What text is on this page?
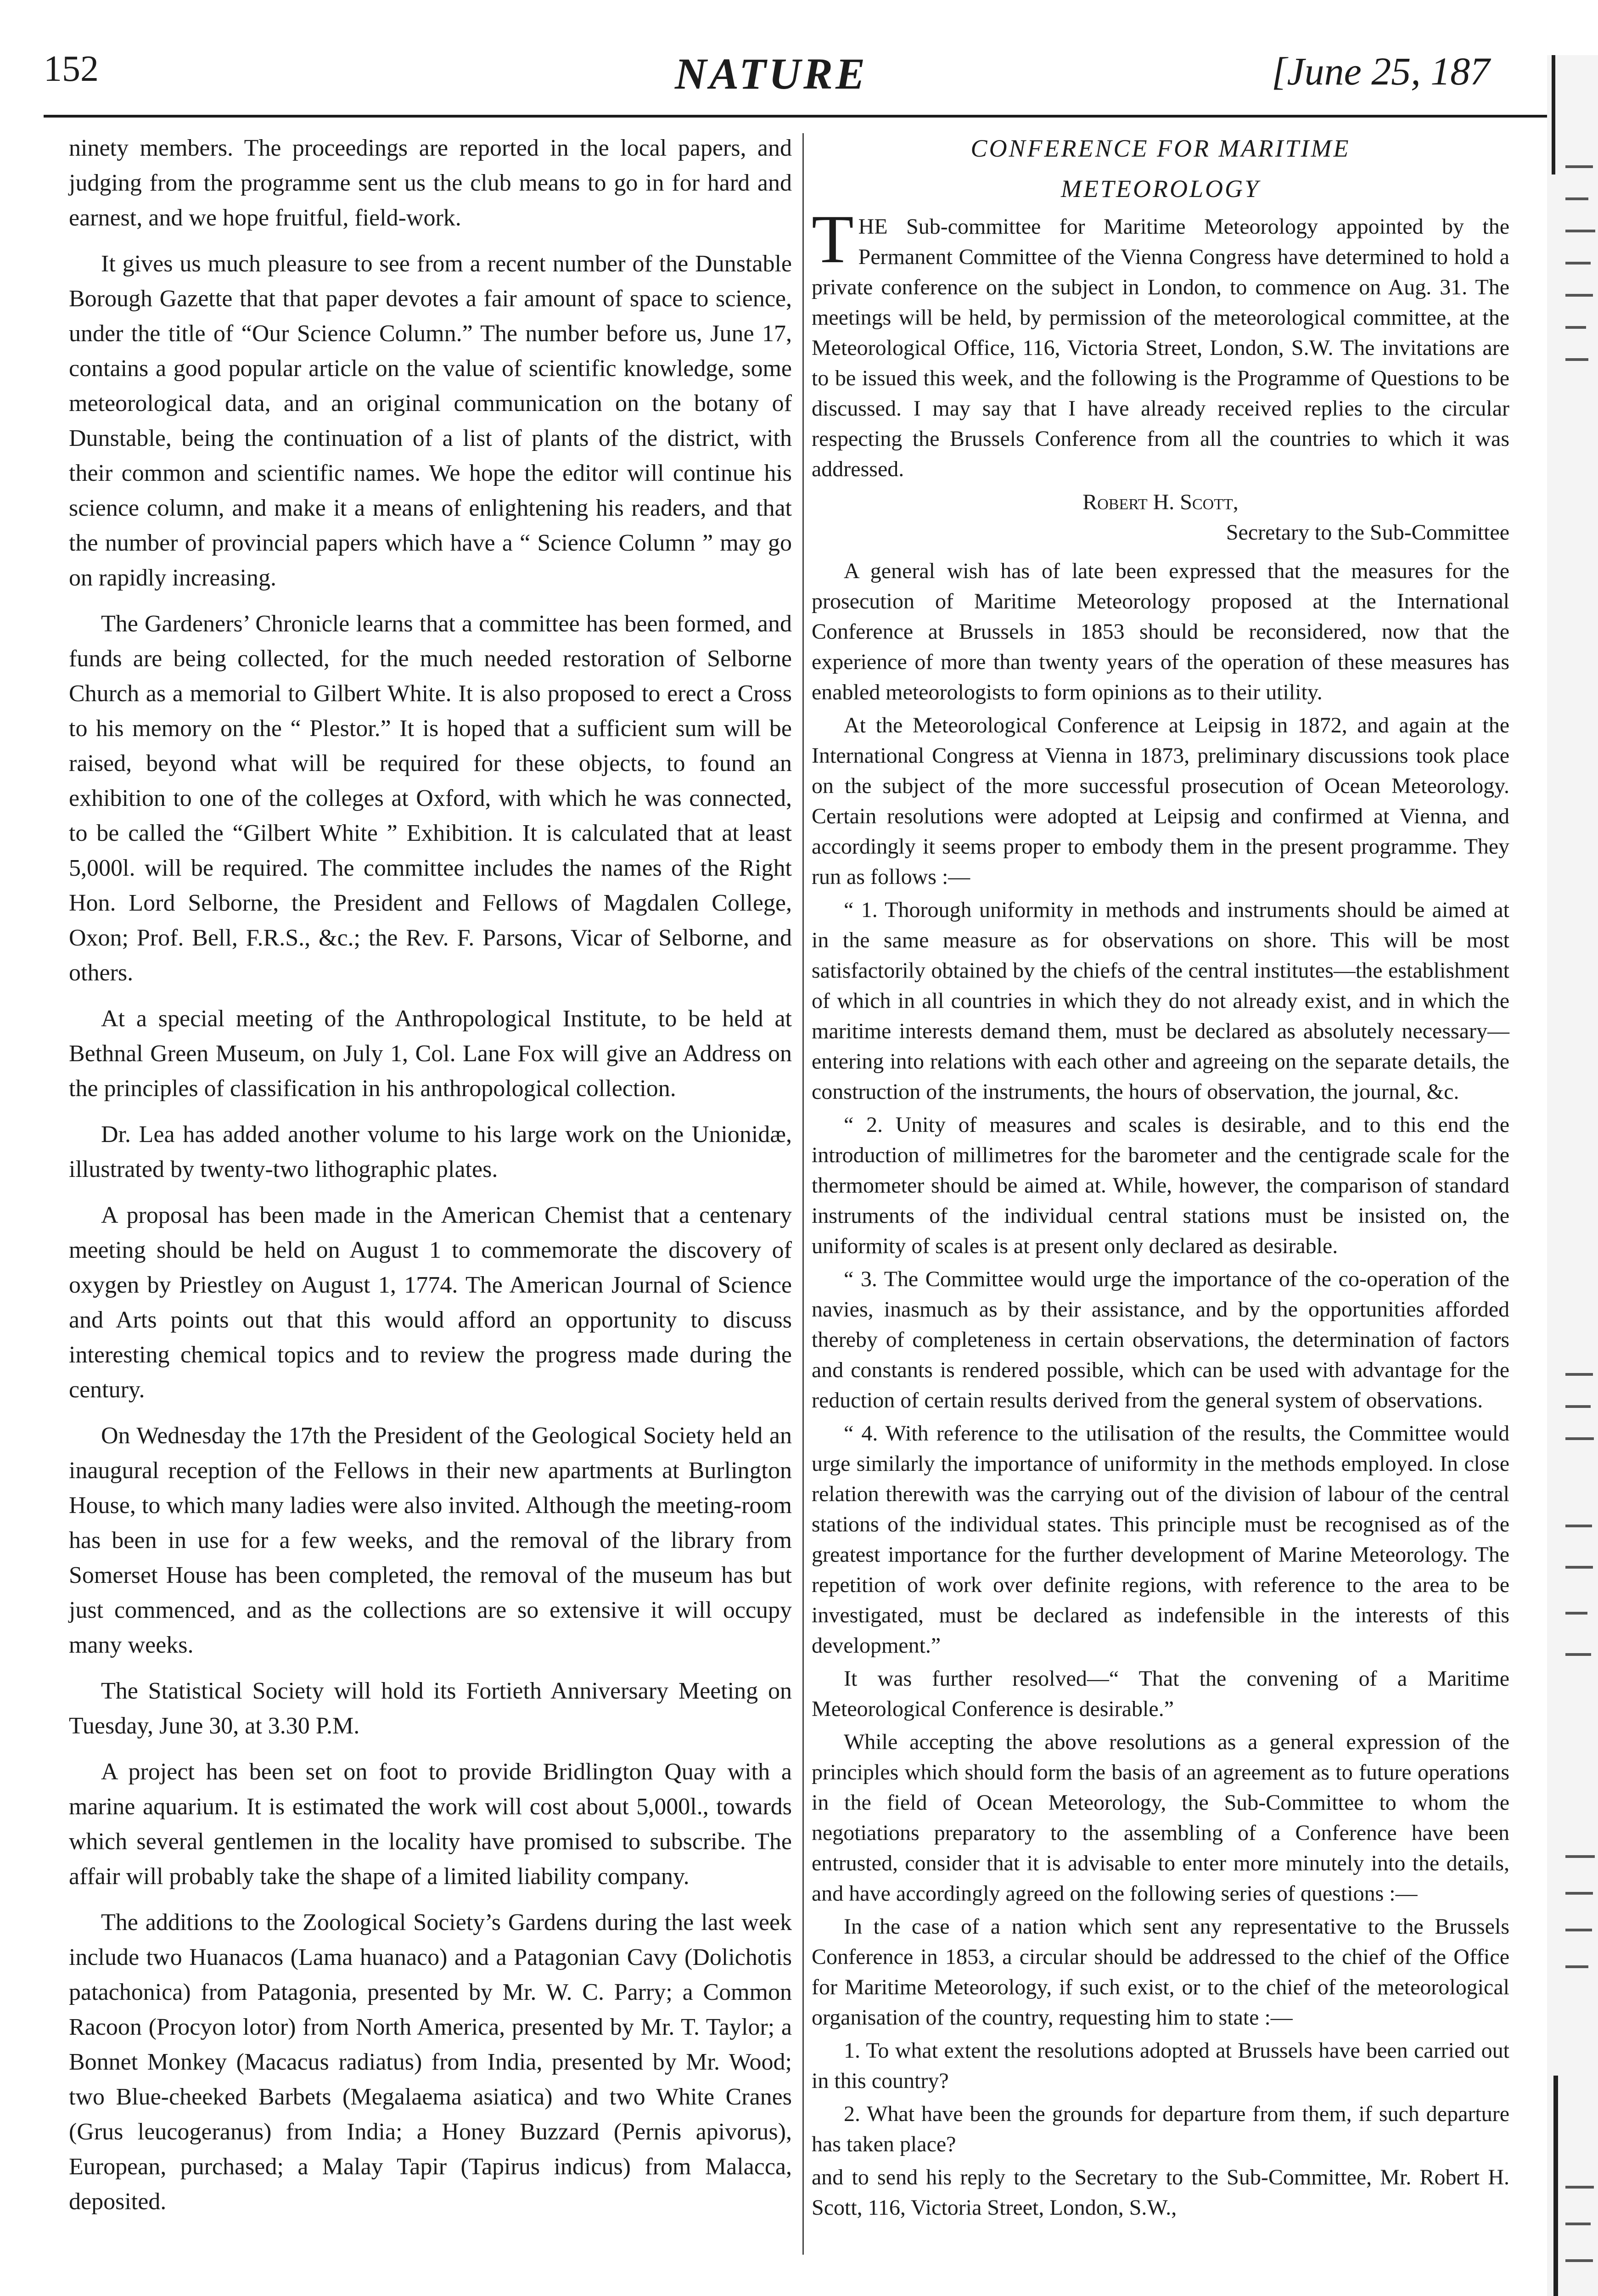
152	NATURE	[June 25, 187

ninety members. The proceedings are reported in the local papers, and judging from the programme sent us the club means to go in for hard and earnest, and we hope fruitful, field-work.

It gives us much pleasure to see from a recent number of the Dunstable Borough Gazette that that paper devotes a fair amount of space to science, under the title of “Our Science Column.” The number before us, June 17, contains a good popular article on the value of scientific knowledge, some meteorological data, and an original communication on the botany of Dunstable, being the continuation of a list of plants of the district, with their common and scientific names. We hope the editor will continue his science column, and make it a means of enlightening his readers, and that the number of provincial papers which have a “ Science Column ” may go on rapidly increasing.

The Gardeners’ Chronicle learns that a committee has been formed, and funds are being collected, for the much needed restoration of Selborne Church as a memorial to Gilbert White. It is also proposed to erect a Cross to his memory on the “ Plestor.” It is hoped that a sufficient sum will be raised, beyond what will be required for these objects, to found an exhibition to one of the colleges at Oxford, with which he was connected, to be called the “Gilbert White ” Exhibition. It is calculated that at least 5,000l. will be required. The committee includes the names of the Right Hon. Lord Selborne, the President and Fellows of Magdalen College, Oxon; Prof. Bell, F.R.S., &c.; the Rev. F. Parsons, Vicar of Selborne, and others.

At a special meeting of the Anthropological Institute, to be held at Bethnal Green Museum, on July 1, Col. Lane Fox will give an Address on the principles of classification in his anthropological collection.

Dr. Lea has added another volume to his large work on the Unionidæ, illustrated by twenty-two lithographic plates.

A proposal has been made in the American Chemist that a centenary meeting should be held on August 1 to commemorate the discovery of oxygen by Priestley on August 1, 1774. The American Journal of Science and Arts points out that this would afford an opportunity to discuss interesting chemical topics and to review the progress made during the century.

On Wednesday the 17th the President of the Geological Society held an inaugural reception of the Fellows in their new apartments at Burlington House, to which many ladies were also invited. Although the meeting-room has been in use for a few weeks, and the removal of the library from Somerset House has been completed, the removal of the museum has but just commenced, and as the collections are so extensive it will occupy many weeks.

The Statistical Society will hold its Fortieth Anniversary Meeting on Tuesday, June 30, at 3.30 P.M.

A project has been set on foot to provide Bridlington Quay with a marine aquarium. It is estimated the work will cost about 5,000l., towards which several gentlemen in the locality have promised to subscribe. The affair will probably take the shape of a limited liability company.

The additions to the Zoological Society’s Gardens during the last week include two Huanacos (Lama huanaco) and a Patagonian Cavy (Dolichotis patachonica) from Patagonia, presented by Mr. W. C. Parry; a Common Racoon (Procyon lotor) from North America, presented by Mr. T. Taylor; a Bonnet Monkey (Macacus radiatus) from India, presented by Mr. Wood; two Blue-cheeked Barbets (Megalaema asiatica) and two White Cranes (Grus leucogeranus) from India; a Honey Buzzard (Pernis apivorus), European, purchased; a Malay Tapir (Tapirus indicus) from Malacca, deposited.

CONFERENCE FOR MARITIME

METEOROLOGY

THE Sub-committee for Maritime Meteorology appointed by the Permanent Committee of the Vienna Congress have determined to hold a private conference on the subject in London, to commence on Aug. 31. The meetings will be held, by permission of the meteorological committee, at the Meteorological Office, 116, Victoria Street, London, S.W. The invitations are to be issued this week, and the following is the Programme of Questions to be discussed. I may say that I have already received replies to the circular respecting the Brussels Conference from all the countries to which it was addressed.

Robert H. Scott,

Secretary to the Sub-Committee

A general wish has of late been expressed that the measures for the prosecution of Maritime Meteorology proposed at the International Conference at Brussels in 1853 should be reconsidered, now that the experience of more than twenty years of the operation of these measures has enabled meteorologists to form opinions as to their utility.

At the Meteorological Conference at Leipsig in 1872, and again at the International Congress at Vienna in 1873, preliminary discussions took place on the subject of the more successful prosecution of Ocean Meteorology. Certain resolutions were adopted at Leipsig and confirmed at Vienna, and accordingly it seems proper to embody them in the present programme. They run as follows :—

“ 1. Thorough uniformity in methods and instruments should be aimed at in the same measure as for observations on shore. This will be most satisfactorily obtained by the chiefs of the central institutes—the establishment of which in all countries in which they do not already exist, and in which the maritime interests demand them, must be declared as absolutely necessary—entering into relations with each other and agreeing on the separate details, the construction of the instruments, the hours of observation, the journal, &c.

“ 2. Unity of measures and scales is desirable, and to this end the introduction of millimetres for the barometer and the centigrade scale for the thermometer should be aimed at. While, however, the comparison of standard instruments of the individual central stations must be insisted on, the uniformity of scales is at present only declared as desirable.

“ 3. The Committee would urge the importance of the co-operation of the navies, inasmuch as by their assistance, and by the opportunities afforded thereby of completeness in certain observations, the determination of factors and constants is rendered possible, which can be used with advantage for the reduction of certain results derived from the general system of observations.

“ 4. With reference to the utilisation of the results, the Committee would urge similarly the importance of uniformity in the methods employed. In close relation therewith was the carrying out of the division of labour of the central stations of the individual states. This principle must be recognised as of the greatest importance for the further development of Marine Meteorology. The repetition of work over definite regions, with reference to the area to be investigated, must be declared as indefensible in the interests of this development.”

It was further resolved—“ That the convening of a Maritime Meteorological Conference is desirable.”

While accepting the above resolutions as a general expression of the principles which should form the basis of an agreement as to future operations in the field of Ocean Meteorology, the Sub-Committee to whom the negotiations preparatory to the assembling of a Conference have been entrusted, consider that it is advisable to enter more minutely into the details, and have accordingly agreed on the following series of questions :—

In the case of a nation which sent any representative to the Brussels Conference in 1853, a circular should be addressed to the chief of the Office for Maritime Meteorology, if such exist, or to the chief of the meteorological organisation of the country, requesting him to state :—

1. To what extent the resolutions adopted at Brussels have been carried out in this country?

2. What have been the grounds for departure from them, if such departure has taken place?

and to send his reply to the Secretary to the Sub-Committee, Mr. Robert H. Scott, 116, Victoria Street, London, S.W.,
